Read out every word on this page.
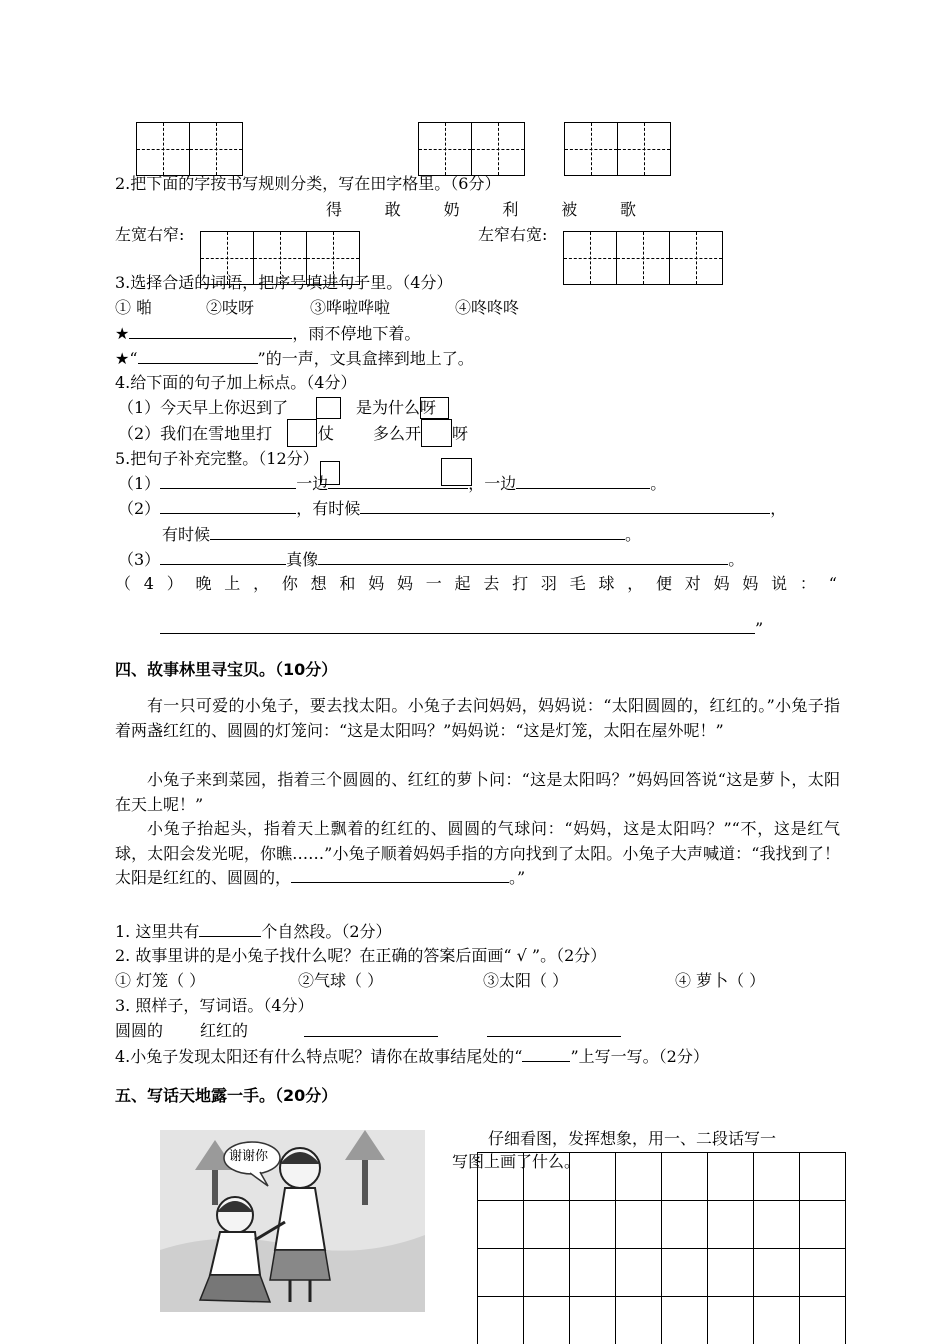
2.把下面的字按书写规则分类，写在田字格里。（6分）
得	敢	奶	利	被	歌
左宽右窄:	左窄右宽:
3.选择合适的词语，把序号填进句子里。（4分）
① 啪	②吱呀	③哗啦哗啦	④咚咚咚
★	，雨不停地下着。
★“	”的一声，文具盒摔到地上了。
4.给下面的句子加上标点。（4分）
（1）今天早上你迟到了	是为什么呀
（2）我们在雪地里打	仗 多么开 呀
5.把句子补充完整。（12分）
（1）	一边	，一边	。
（2）	，有时候	，
有时候	。
（3）	真像	。
（ 4 ） 晚 上 ， 你 想 和 妈 妈 一 起 去 打 羽 毛 球 ， 便 对 妈 妈 说 ： “
”
四、故事林里寻宝贝。（10分）
有一只可爱的小兔子，要去找太阳。小兔子去问妈妈，妈妈说：“太阳圆圆的，红红的。”小兔子指着两盏红红的、圆圆的灯笼问：“这是太阳吗？”妈妈说：“这是灯笼，太阳在屋外呢！”
小兔子来到菜园，指着三个圆圆的、红红的萝卜问：“这是太阳吗？”妈妈回答说“这是萝卜，太阳在天上呢！”
小兔子抬起头，指着天上飘着的红红的、圆圆的气球问：“妈妈，这是太阳吗？”“不，这是红气球，太阳会发光呢，你瞧……”小兔子顺着妈妈手指的方向找到了太阳。小兔子大声喊道：“我找到了！太阳是红红的、圆圆的，	。”
1. 这里共有	个自然段。（2分）
2. 故事里讲的是小兔子找什么呢？在正确的答案后面画“ √ ”。（2分）
① 灯笼（ ）	②气球（ ）	③太阳（ ）	④ 萝卜（ ）
3. 照样子，写词语。（4分）
圆圆的 红红的
4.小兔子发现太阳还有什么特点呢？请你在故事结尾处的“	”上写一写。（2分）
五、写话天地露一手。（20分）
谢谢你
仔细看图，发挥想象，用一、二段话写一
写图上画了什么。
